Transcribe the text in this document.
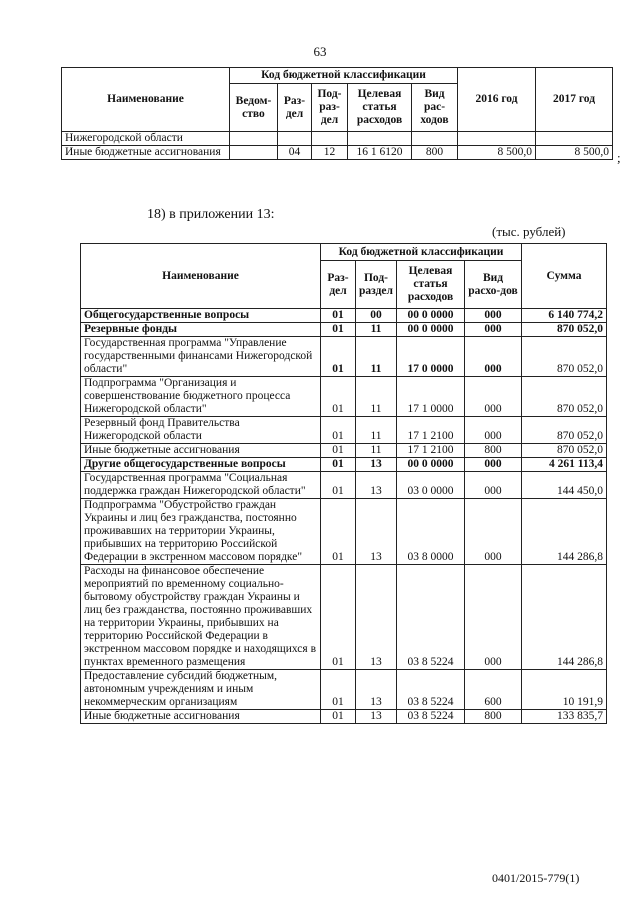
63
Наименование	Код бюджетной классификации					2016 год	2017 год
	Ведом-ство	Раз-дел	Под-раз-дел	Целевая статья расходов	Вид рас-ходов		
Нижегородской области							
Иные бюджетные ассигнования		04	12	16 1 6120	800	8 500,0	8 500,0 ;
18) в приложении 13:
(тыс. рублей)
Наименование	Код бюджетной классификации				Сумма
	Раз-дел	Под-раздел	Целевая статья расходов	Вид расхо-дов	
Общегосударственные вопросы	01	00	00 0 0000	000	6 140 774,2
Резервные фонды	01	11	00 0 0000	000	870 052,0
Государственная программа "Управление государственными финансами Нижегородской области"	01	11	17 0 0000	000	870 052,0
Подпрограмма "Организация и совершенствование бюджетного процесса Нижегородской области"	01	11	17 1 0000	000	870 052,0
Резервный фонд Правительства Нижегородской области	01	11	17 1 2100	000	870 052,0
Иные бюджетные ассигнования	01	11	17 1 2100	800	870 052,0
Другие общегосударственные вопросы	01	13	00 0 0000	000	4 261 113,4
Государственная программа "Социальная поддержка граждан Нижегородской области"	01	13	03 0 0000	000	144 450,0
Подпрограмма "Обустройство граждан Украины и лиц без гражданства, постоянно проживавших на территории Украины, прибывших на территорию Российской Федерации в экстренном массовом порядке"	01	13	03 8 0000	000	144 286,8
Расходы на финансовое обеспечение мероприятий по временному социально-бытовому обустройству граждан Украины и лиц без гражданства, постоянно проживавших на территории Украины, прибывших на территорию Российской Федерации в экстренном массовом порядке и находящихся в пунктах временного размещения	01	13	03 8 5224	000	144 286,8
Предоставление субсидий бюджетным, автономным учреждениям и иным некоммерческим организациям	01	13	03 8 5224	600	10 191,9
Иные бюджетные ассигнования	01	13	03 8 5224	800	133 835,7
0401/2015-779(1)
